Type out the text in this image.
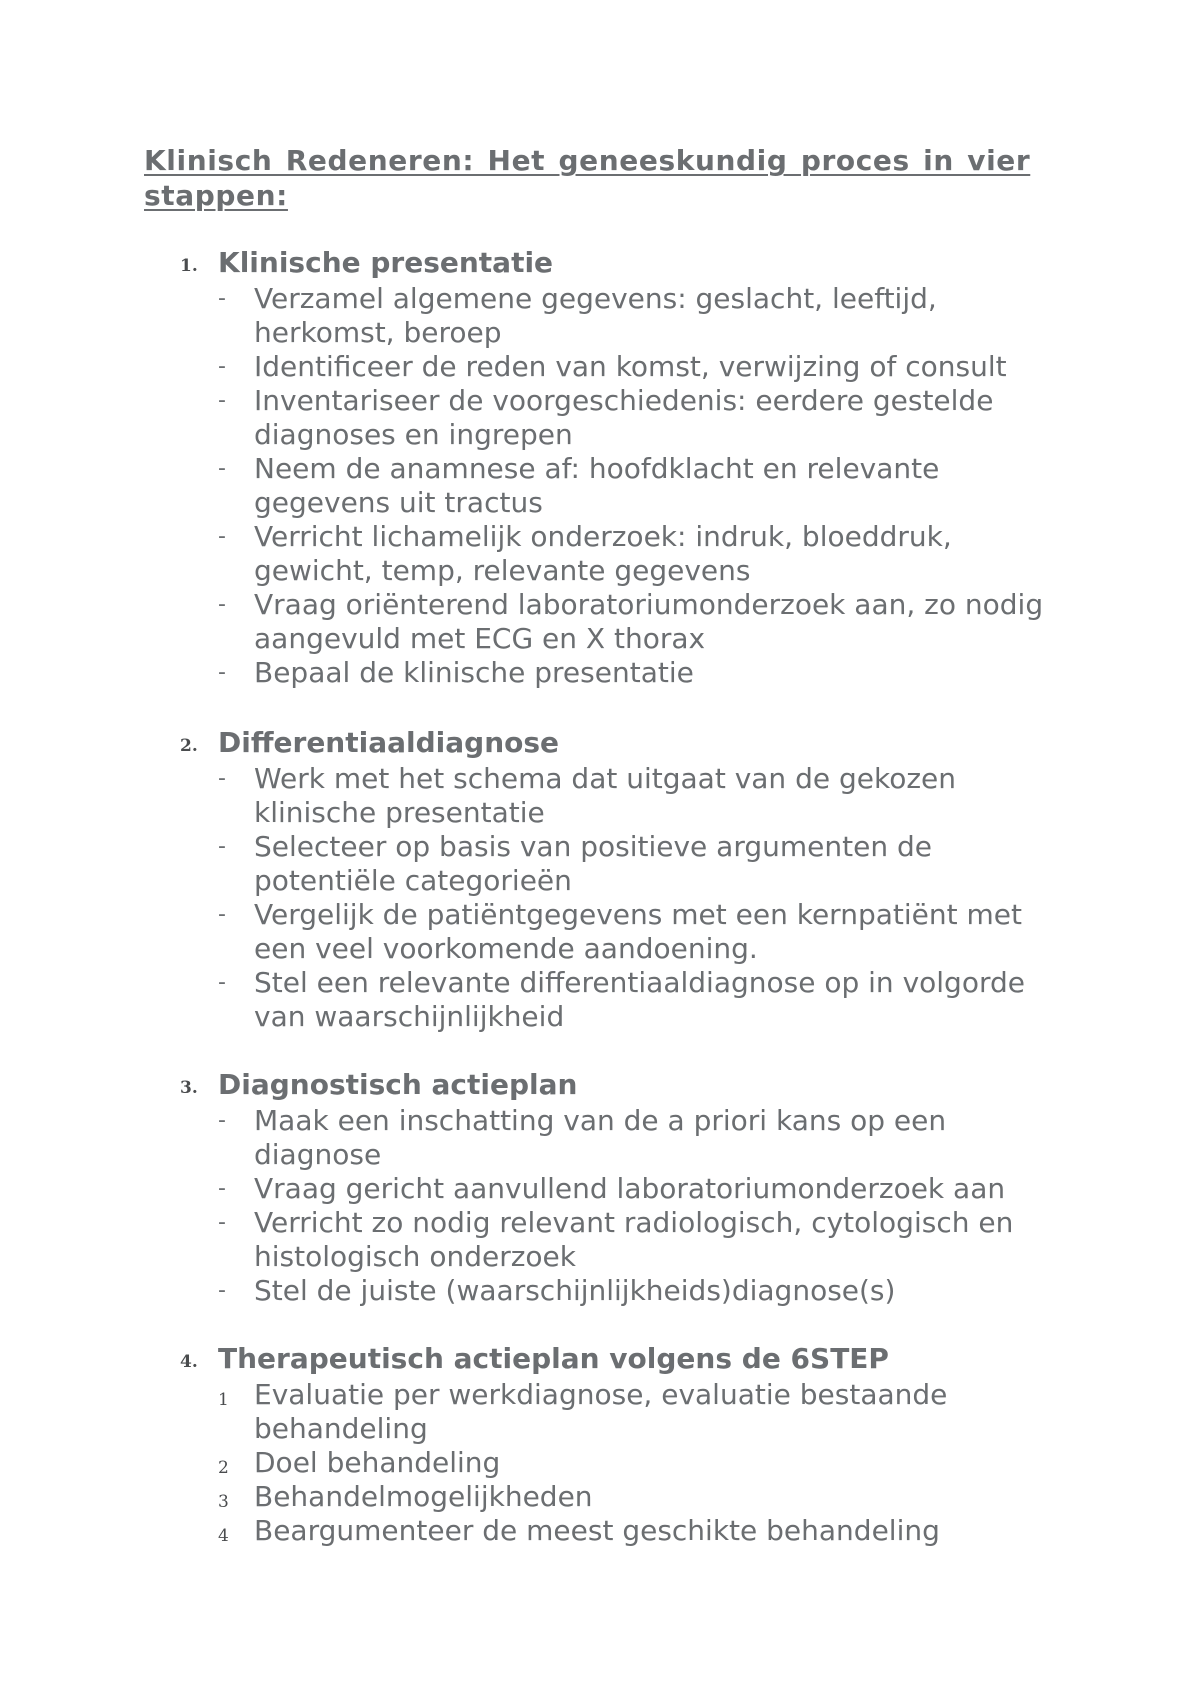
Klinisch Redeneren: Het geneeskundig proces in vier stappen:
1. Klinische presentatie
-	Verzamel algemene gegevens: geslacht, leeftijd, herkomst, beroep
-	Identificeer de reden van komst, verwijzing of consult
-	Inventariseer de voorgeschiedenis: eerdere gestelde diagnoses en ingrepen
-	Neem de anamnese af: hoofdklacht en relevante gegevens uit tractus
-	Verricht lichamelijk onderzoek: indruk, bloeddruk, gewicht, temp, relevante gegevens
-	Vraag oriënterend laboratoriumonderzoek aan, zo nodig aangevuld met ECG en X thorax
-	Bepaal de klinische presentatie
2. Differentiaaldiagnose
-	Werk met het schema dat uitgaat van de gekozen klinische presentatie
-	Selecteer op basis van positieve argumenten de potentiële categorieën
-	Vergelijk de patiëntgegevens met een kernpatiënt met een veel voorkomende aandoening.
-	Stel een relevante differentiaaldiagnose op in volgorde van waarschijnlijkheid
3. Diagnostisch actieplan
-	Maak een inschatting van de a priori kans op een diagnose
-	Vraag gericht aanvullend laboratoriumonderzoek aan
-	Verricht zo nodig relevant radiologisch, cytologisch en histologisch onderzoek
-	Stel de juiste (waarschijnlijkheids)diagnose(s)
4. Therapeutisch actieplan volgens de 6STEP
1 Evaluatie per werkdiagnose, evaluatie bestaande behandeling
2 Doel behandeling
3 Behandelmogelijkheden
4 Beargumenteer de meest geschikte behandeling
